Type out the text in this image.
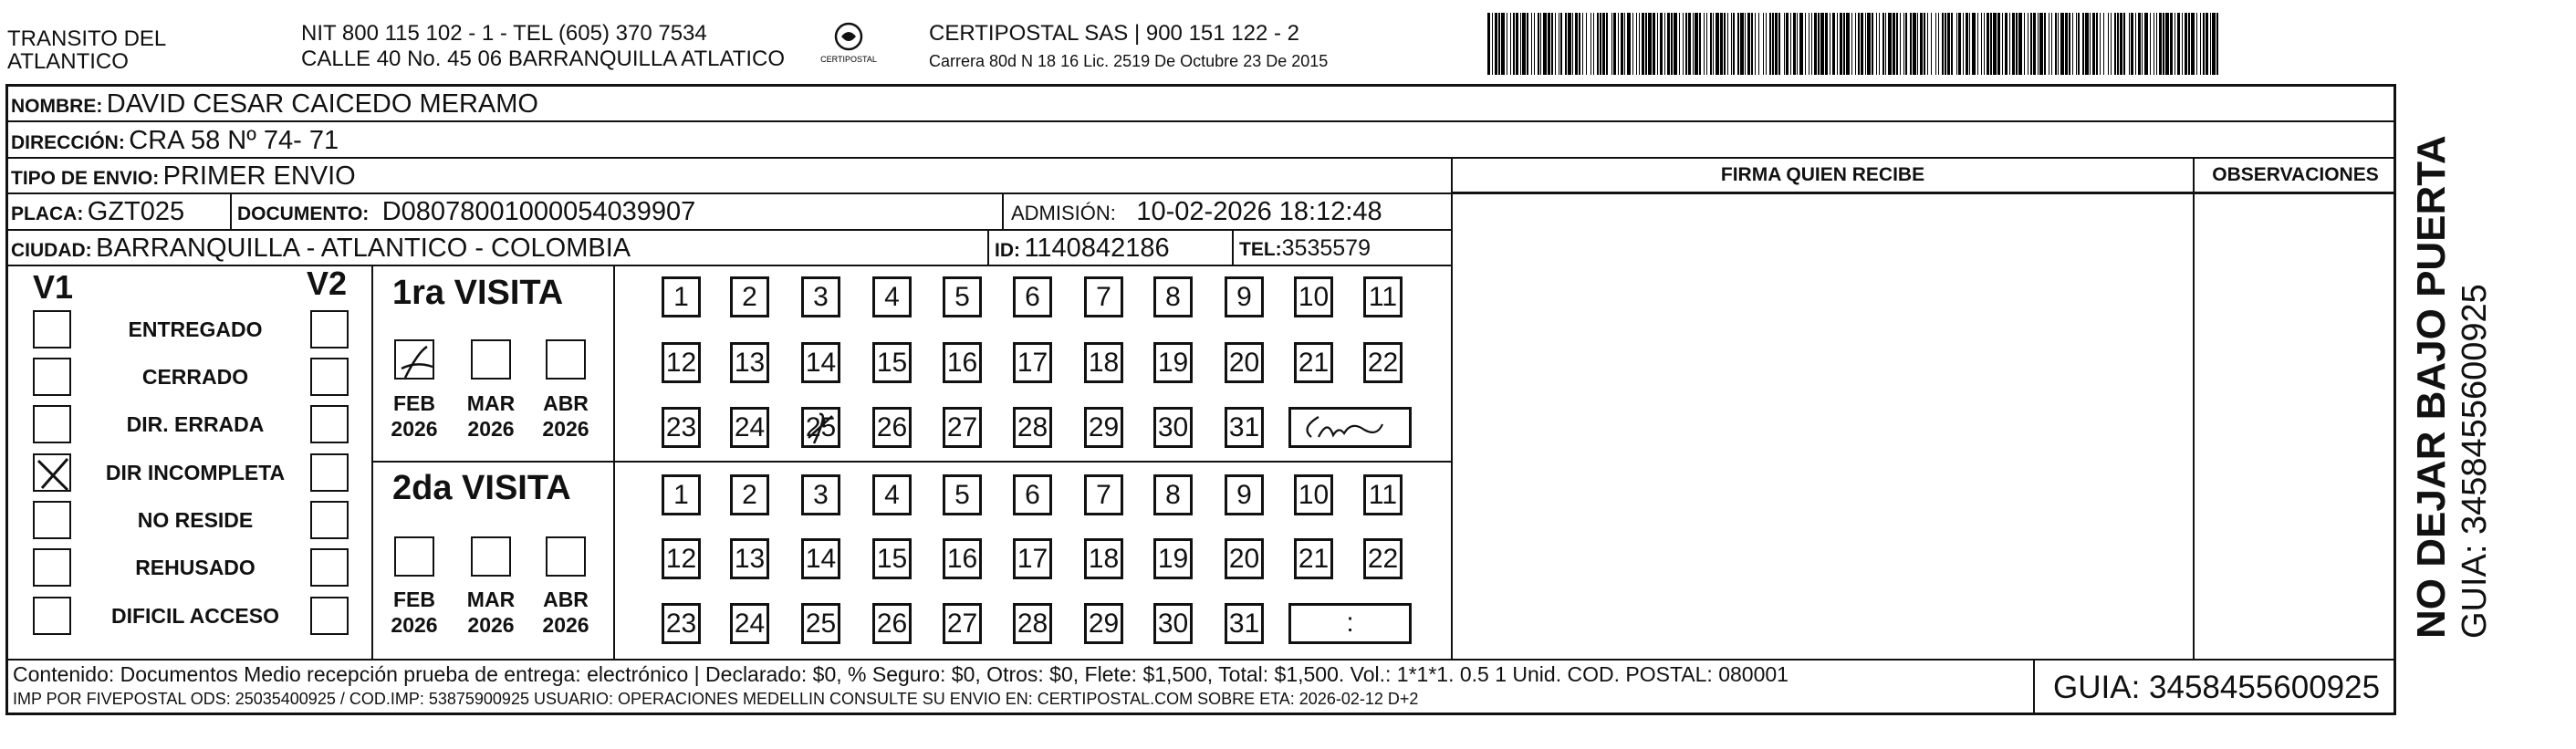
TRANSITO DEL
ATLANTICO
NIT 800 115 102 - 1 - TEL (605) 370 7534
CALLE 40 No. 45 06 BARRANQUILLA ATLATICO	CERTIPOSTAL
CERTIPOSTAL SAS | 900 151 122 - 2
Carrera 80d N 18 16 Lic. 2519 De Octubre 23 De 2015
NOMBRE: DAVID CESAR CAICEDO MERAMO
DIRECCIÓN: CRA 58 Nº 74- 71
TIPO DE ENVIO: PRIMER ENVIO
PLACA: GZT025	DOCUMENTO: D08078001000054039907	ADMISIÓN: 10-02-2026 18:12:48
CIUDAD: BARRANQUILLA - ATLANTICO - COLOMBIA	ID: 1140842186	TEL:3535579
FIRMA QUIEN RECIBE	OBSERVACIONES
V1	V2
ENTREGADO
CERRADO
DIR. ERRADA
DIR INCOMPLETA
NO RESIDE
REHUSADO
DIFICIL ACCESO
1ra VISITA
2da VISITA
FEB
2026
MAR
2026
ABR
2026
FEB
2026
MAR
2026
ABR
2026
1	2	3	4	5	6	7	8	9	10 11
12 13 14 15 16 17 18 19 20 21 22
23 24 25 26 27 28 29 30 31
1	2	3	4	5	6	7	8	9	10 11
12 13 14 15 16 17 18 19 20 21 22
23 24 25 26 27 28 29 30 31	:
Contenido: Documentos Medio recepción prueba de entrega: electrónico | Declarado: $0, % Seguro: $0, Otros: $0, Flete: $1,500, Total: $1,500. Vol.: 1*1*1. 0.5 1 Unid. COD. POSTAL: 080001
IMP POR FIVEPOSTAL ODS: 25035400925 / COD.IMP: 53875900925 USUARIO: OPERACIONES MEDELLIN CONSULTE SU ENVIO EN: CERTIPOSTAL.COM SOBRE ETA: 2026-02-12 D+2	GUIA: 3458455600925
NO DEJAR BAJO PUERTA GUIA: 3458455600925
